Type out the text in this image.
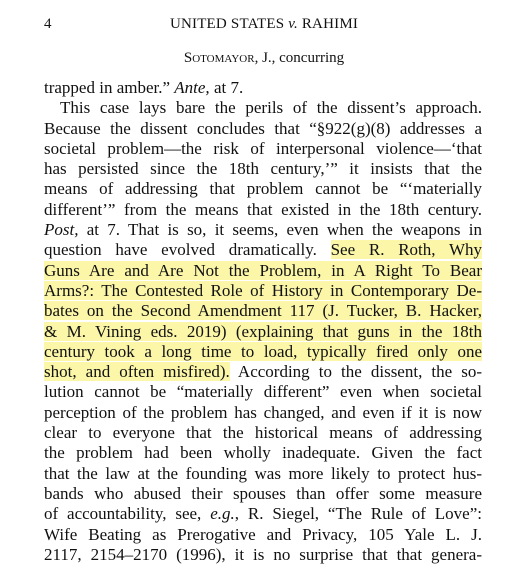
4	UNITED STATES v. RAHIMI
Sotomayor, J., concurring
trapped in amber.” Ante, at 7.
This case lays bare the perils of the dissent’s approach.
Because the dissent concludes that “§922(g)(8) addresses a
societal problem—the risk of interpersonal violence—‘that
has persisted since the 18th century,’” it insists that the
means of addressing that problem cannot be “‘materially
different’” from the means that existed in the 18th century.
Post, at 7. That is so, it seems, even when the weapons in
question have evolved dramatically. See R. Roth, Why
Guns Are and Are Not the Problem, in A Right To Bear
Arms?: The Contested Role of History in Contemporary De-
bates on the Second Amendment 117 (J. Tucker, B. Hacker,
& M. Vining eds. 2019) (explaining that guns in the 18th
century took a long time to load, typically fired only one
shot, and often misfired). According to the dissent, the so-
lution cannot be “materially different” even when societal
perception of the problem has changed, and even if it is now
clear to everyone that the historical means of addressing
the problem had been wholly inadequate. Given the fact
that the law at the founding was more likely to protect hus-
bands who abused their spouses than offer some measure
of accountability, see, e.g., R. Siegel, “The Rule of Love”:
Wife Beating as Prerogative and Privacy, 105 Yale L. J.
2117, 2154–2170 (1996), it is no surprise that that genera-
